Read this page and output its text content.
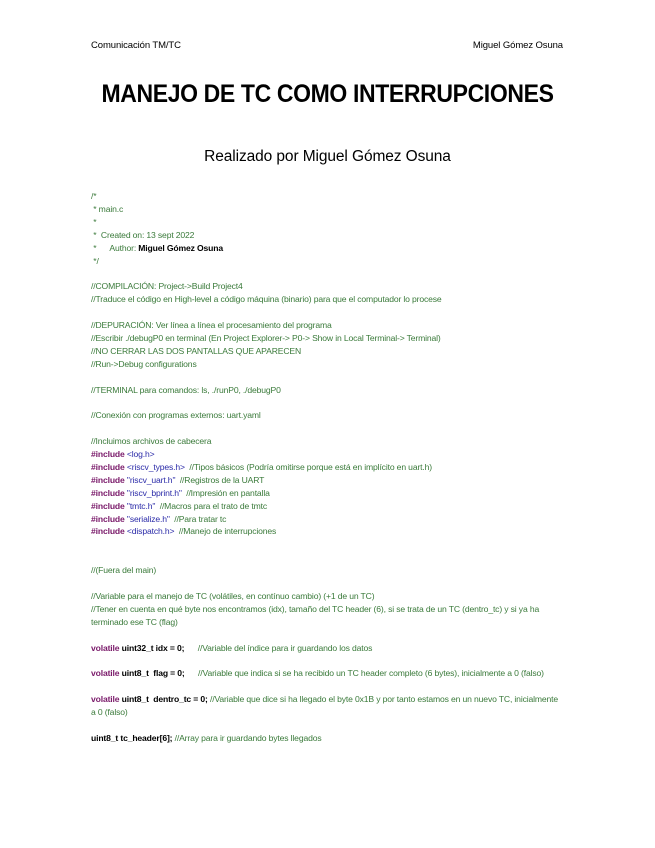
Comunicación TM/TC	Miguel Gómez Osuna
MANEJO DE TC COMO INTERRUPCIONES
Realizado por Miguel Gómez Osuna
/*
* main.c
*
*  Created on: 13 sept 2022
*      Author: Miguel Gómez Osuna
*/
//COMPILACIÓN: Project->Build Project4
//Traduce el código en High-level a código máquina (binario) para que el computador lo procese
//DEPURACIÓN: Ver línea a línea el procesamiento del programa
//Escribir ./debugP0 en terminal (En Project Explorer-> P0-> Show in Local Terminal-> Terminal)
//NO CERRAR LAS DOS PANTALLAS QUE APARECEN
//Run->Debug configurations
//TERMINAL para comandos: ls, ./runP0, ./debugP0
//Conexión con programas externos: uart.yaml
//Incluimos archivos de cabecera
#include <log.h>
#include <riscv_types.h>  //Tipos básicos (Podría omitirse porque está en implícito en uart.h)
#include "riscv_uart.h"  //Registros de la UART
#include "riscv_bprint.h"  //Impresión en pantalla
#include "tmtc.h"  //Macros para el trato de tmtc
#include "serialize.h"  //Para tratar tc
#include <dispatch.h>  //Manejo de interrupciones
//(Fuera del main)
//Variable para el manejo de TC (volátiles, en contínuo cambio) (+1 de un TC)
//Tener en cuenta en qué byte nos encontramos (idx), tamaño del TC header (6), si se trata de un TC (dentro_tc) y si ya ha terminado ese TC (flag)
volatile uint32_t idx = 0;      //Variable del índice para ir guardando los datos
volatile uint8_t  flag = 0;      //Variable que indica si se ha recibido un TC header completo (6 bytes), inicialmente a 0 (falso)
volatile uint8_t  dentro_tc = 0; //Variable que dice si ha llegado el byte 0x1B y por tanto estamos en un nuevo TC, inicialmente a 0 (falso)
uint8_t tc_header[6]; //Array para ir guardando bytes llegados
